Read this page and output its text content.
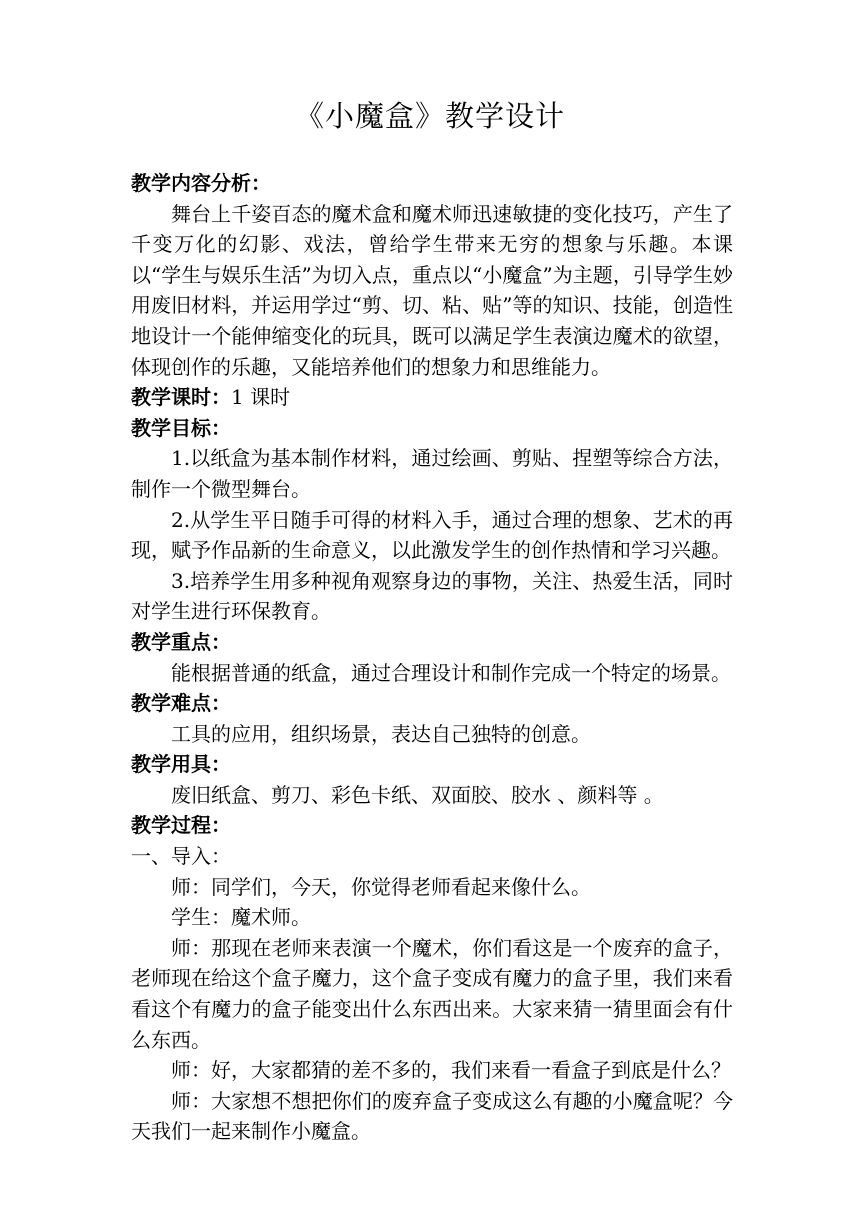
《小魔盒》教学设计

教学内容分析：

舞台上千姿百态的魔术盒和魔术师迅速敏捷的变化技巧，产生了千变万化的幻影、戏法，曾给学生带来无穷的想象与乐趣。本课以“学生与娱乐生活”为切入点，重点以“小魔盒”为主题，引导学生妙用废旧材料，并运用学过“剪、切、粘、贴”等的知识、技能，创造性地设计一个能伸缩变化的玩具，既可以满足学生表演边魔术的欲望，体现创作的乐趣，又能培养他们的想象力和思维能力。

教学课时：1 课时

教学目标：

1.以纸盒为基本制作材料，通过绘画、剪贴、捏塑等综合方法，制作一个微型舞台。

2.从学生平日随手可得的材料入手，通过合理的想象、艺术的再现，赋予作品新的生命意义，以此激发学生的创作热情和学习兴趣。

3.培养学生用多种视角观察身边的事物，关注、热爱生活，同时对学生进行环保教育。

教学重点：

能根据普通的纸盒，通过合理设计和制作完成一个特定的场景。

教学难点：

工具的应用，组织场景，表达自己独特的创意。

教学用具：

废旧纸盒、剪刀、彩色卡纸、双面胶、胶水 、颜料等 。

教学过程：

一、导入：

师：同学们，今天，你觉得老师看起来像什么。

学生：魔术师。

师：那现在老师来表演一个魔术，你们看这是一个废弃的盒子，老师现在给这个盒子魔力，这个盒子变成有魔力的盒子里，我们来看看这个有魔力的盒子能变出什么东西出来。大家来猜一猜里面会有什么东西。

师：好，大家都猜的差不多的，我们来看一看盒子到底是什么？

师：大家想不想把你们的废弃盒子变成这么有趣的小魔盒呢？今天我们一起来制作小魔盒。
